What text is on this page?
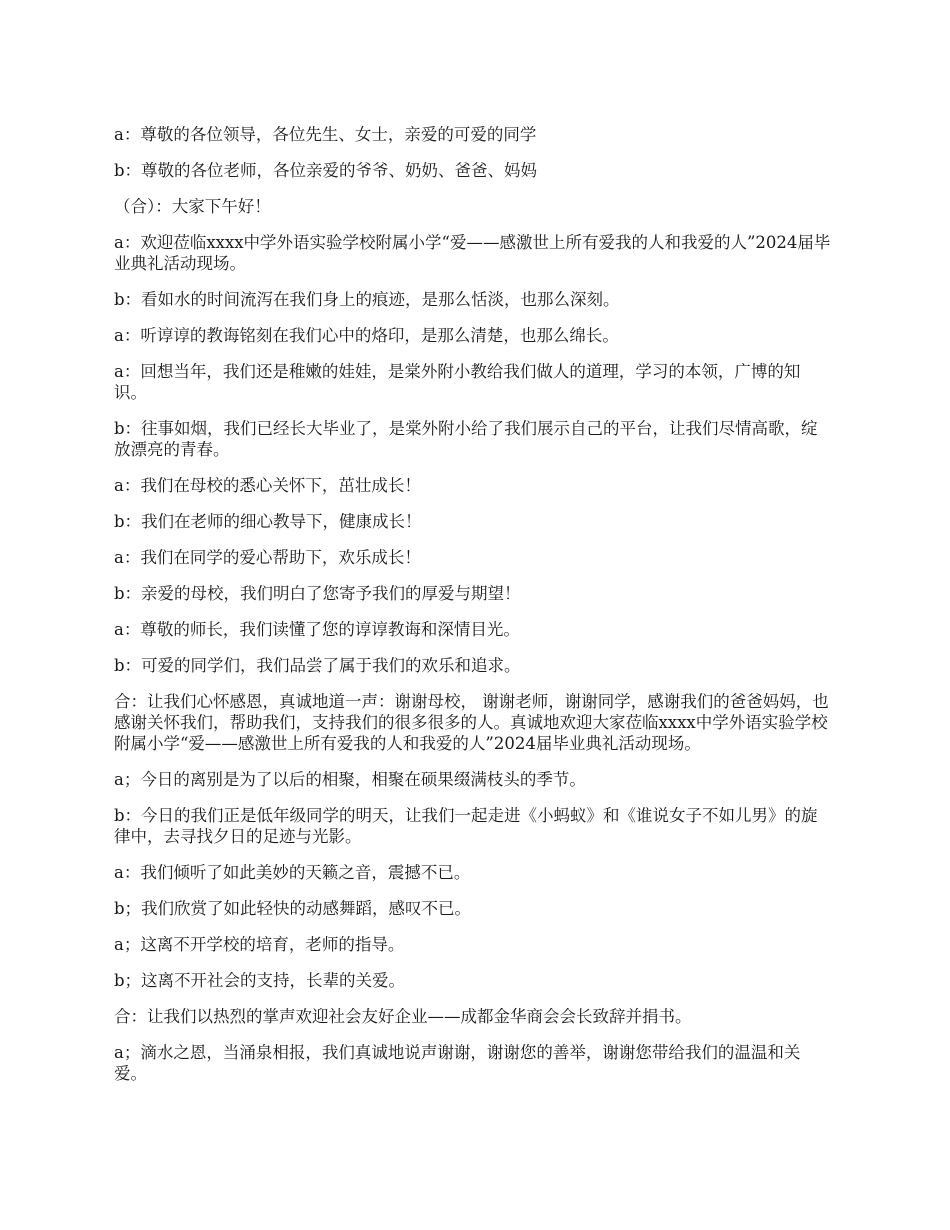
a：尊敬的各位领导，各位先生、女士，亲爱的可爱的同学

b：尊敬的各位老师，各位亲爱的爷爷、奶奶、爸爸、妈妈

（合）：大家下午好！

a：欢迎莅临xxxx中学外语实验学校附属小学“爱——感激世上所有爱我的人和我爱的人”2024届毕业典礼活动现场。

b：看如水的时间流泻在我们身上的痕迹，是那么恬淡，也那么深刻。

a：听谆谆的教诲铭刻在我们心中的烙印，是那么清楚，也那么绵长。

a：回想当年，我们还是稚嫩的娃娃，是棠外附小教给我们做人的道理，学习的本领，广博的知识。

b：往事如烟，我们已经长大毕业了，是棠外附小给了我们展示自己的平台，让我们尽情高歌，绽放漂亮的青春。

a：我们在母校的悉心关怀下，茁壮成长！

b：我们在老师的细心教导下，健康成长！

a：我们在同学的爱心帮助下，欢乐成长！

b：亲爱的母校，我们明白了您寄予我们的厚爱与期望！

a：尊敬的师长，我们读懂了您的谆谆教诲和深情目光。

b：可爱的同学们，我们品尝了属于我们的欢乐和追求。

合：让我们心怀感恩，真诚地道一声：谢谢母校， 谢谢老师，谢谢同学，感谢我们的爸爸妈妈，也感谢关怀我们，帮助我们，支持我们的很多很多的人。真诚地欢迎大家莅临xxxx中学外语实验学校附属小学“爱——感激世上所有爱我的人和我爱的人”2024届毕业典礼活动现场。

a；今日的离别是为了以后的相聚，相聚在硕果缀满枝头的季节。

b：今日的我们正是低年级同学的明天，让我们一起走进《小蚂蚁》和《谁说女子不如儿男》的旋律中，去寻找夕日的足迹与光影。

a：我们倾听了如此美妙的天籁之音，震撼不已。

b；我们欣赏了如此轻快的动感舞蹈，感叹不已。

a；这离不开学校的培育，老师的指导。

b；这离不开社会的支持，长辈的关爱。

合：让我们以热烈的掌声欢迎社会友好企业——成都金华商会会长致辞并捐书。

a；滴水之恩，当涌泉相报，我们真诚地说声谢谢，谢谢您的善举，谢谢您带给我们的温温和关爱。
